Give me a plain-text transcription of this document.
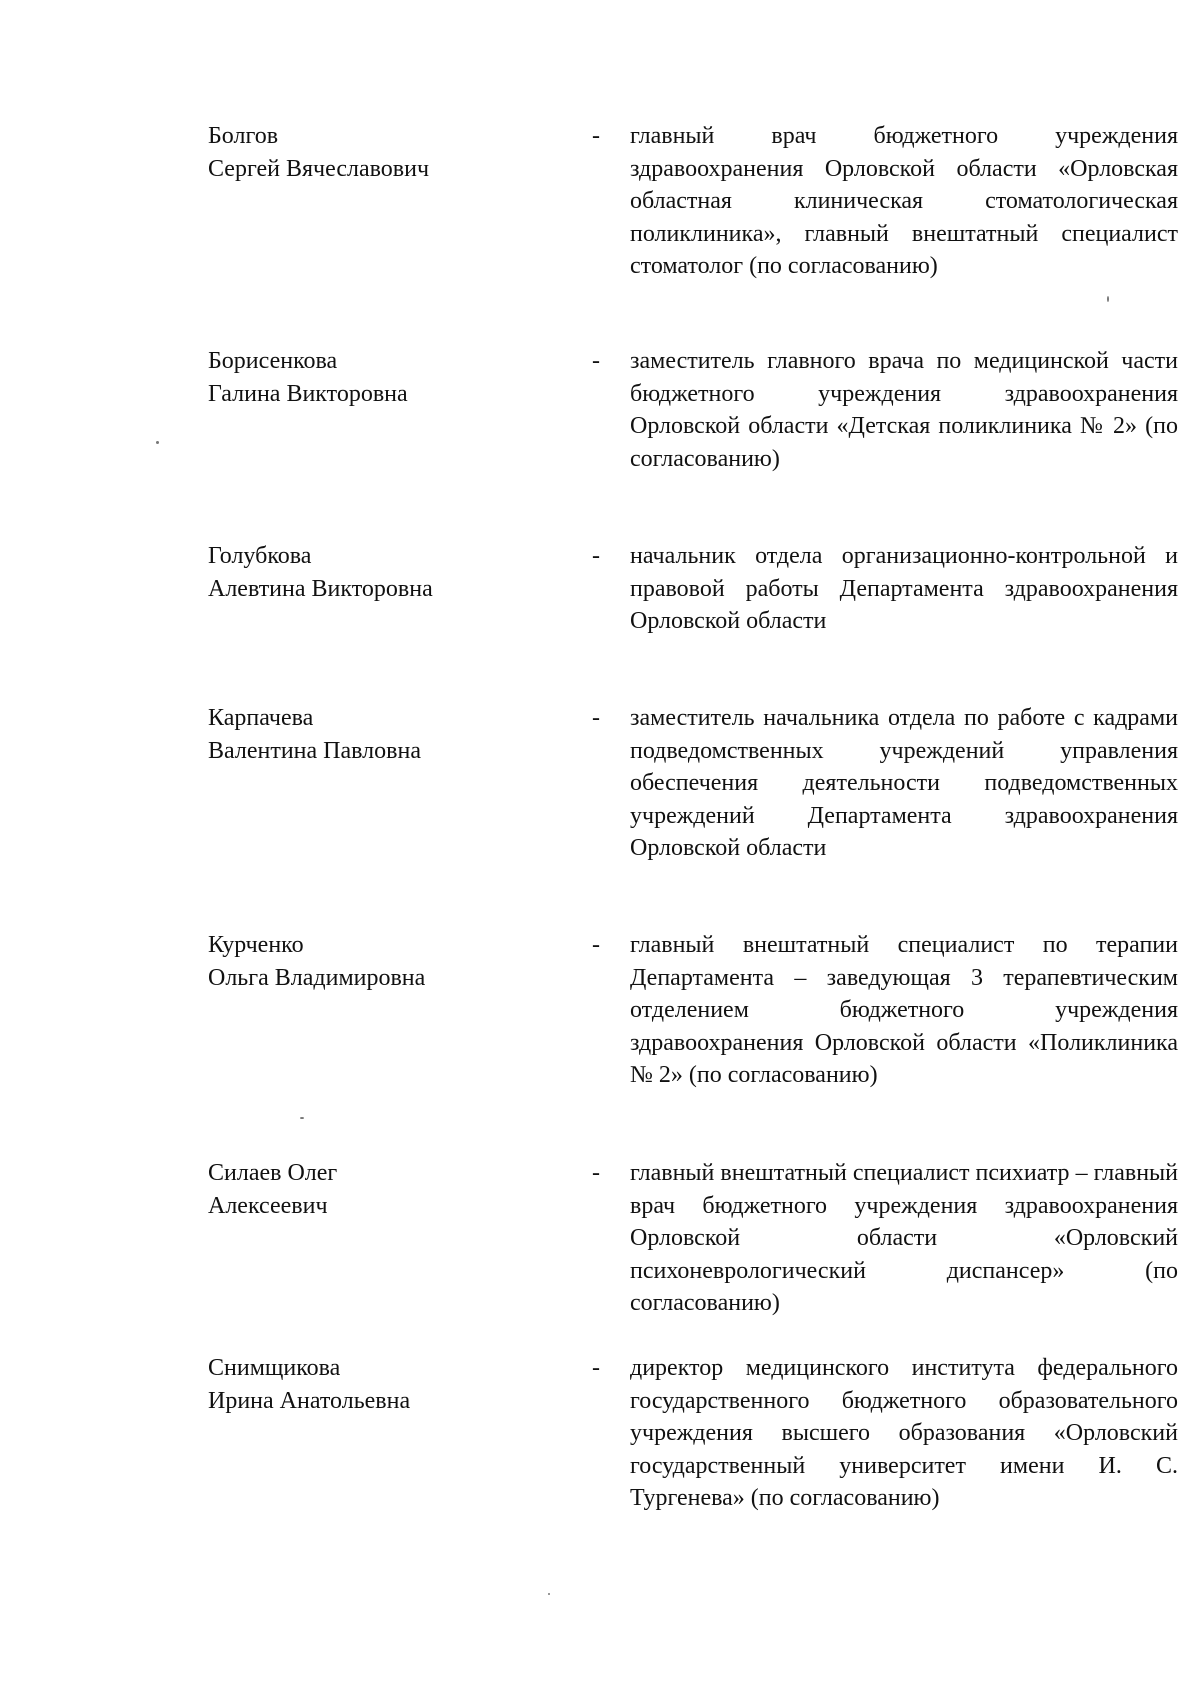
Болгов
Сергей Вячеславович
- главный врач бюджетного учреждения здравоохранения Орловской области «Орловская областная клиническая стоматологическая поликлиника», главный внештатный специалист стоматолог (по согласованию)
Борисенкова
Галина Викторовна
- заместитель главного врача по медицинской части бюджетного учреждения здравоохранения Орловской области «Детская поликлиника № 2» (по согласованию)
Голубкова
Алевтина Викторовна
- начальник отдела организационно-контрольной и правовой работы Департамента здравоохранения Орловской области
Карпачева
Валентина Павловна
- заместитель начальника отдела по работе с кадрами подведомственных учреждений управления обеспечения деятельности подведомственных учреждений Департамента здравоохранения Орловской области
Курченко
Ольга Владимировна
- главный внештатный специалист по терапии Департамента – заведующая 3 терапевтическим отделением бюджетного учреждения здравоохранения Орловской области «Поликлиника № 2» (по согласованию)
Силаев Олег
Алексеевич
- главный внештатный специалист психиатр – главный врач бюджетного учреждения здравоохранения Орловской области «Орловский психоневрологический диспансер» (по согласованию)
Снимщикова
Ирина Анатольевна
- директор медицинского института федерального государственного бюджетного образовательного учреждения высшего образования «Орловский государственный университет имени И. С. Тургенева» (по согласованию)
